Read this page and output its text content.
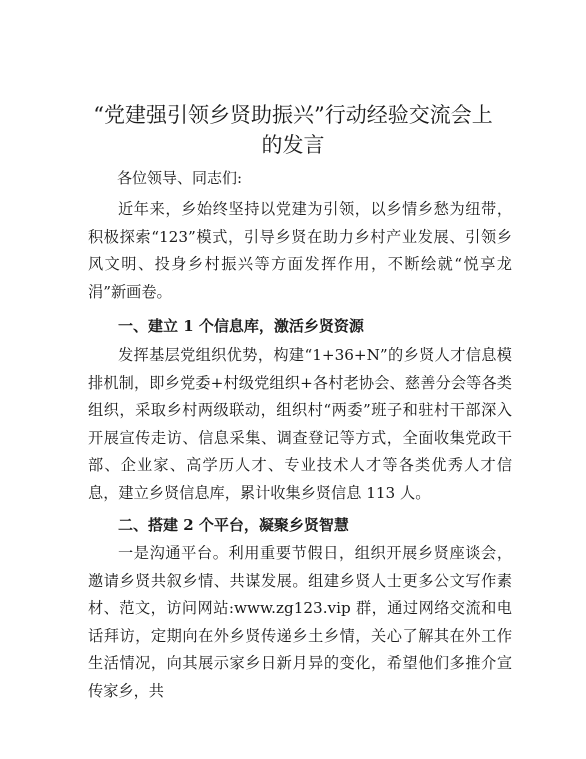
“党建强引领乡贤助振兴”行动经验交流会上
的发言

各位领导、同志们:

近年来，乡始终坚持以党建为引领，以乡情乡愁为纽带，积极探索“123”模式，引导乡贤在助力乡村产业发展、引领乡风文明、投身乡村振兴等方面发挥作用，不断绘就“悦享龙涓”新画卷。

一、建立 1 个信息库，激活乡贤资源

发挥基层党组织优势，构建“1+36+N”的乡贤人才信息模排机制，即乡党委+村级党组织+各村老协会、慈善分会等各类组织，采取乡村两级联动，组织村“两委”班子和驻村干部深入开展宣传走访、信息采集、调查登记等方式，全面收集党政干部、企业家、高学历人才、专业技术人才等各类优秀人才信息，建立乡贤信息库，累计收集乡贤信息 113 人。

二、搭建 2 个平台，凝聚乡贤智慧

一是沟通平台。利用重要节假日，组织开展乡贤座谈会，邀请乡贤共叙乡情、共谋发展。组建乡贤人士更多公文写作素材、范文，访问网站:www.zg123.vip 群，通过网络交流和电话拜访，定期向在外乡贤传递乡土乡情，关心了解其在外工作生活情况，向其展示家乡日新月异的变化，希望他们多推介宣传家乡，共
